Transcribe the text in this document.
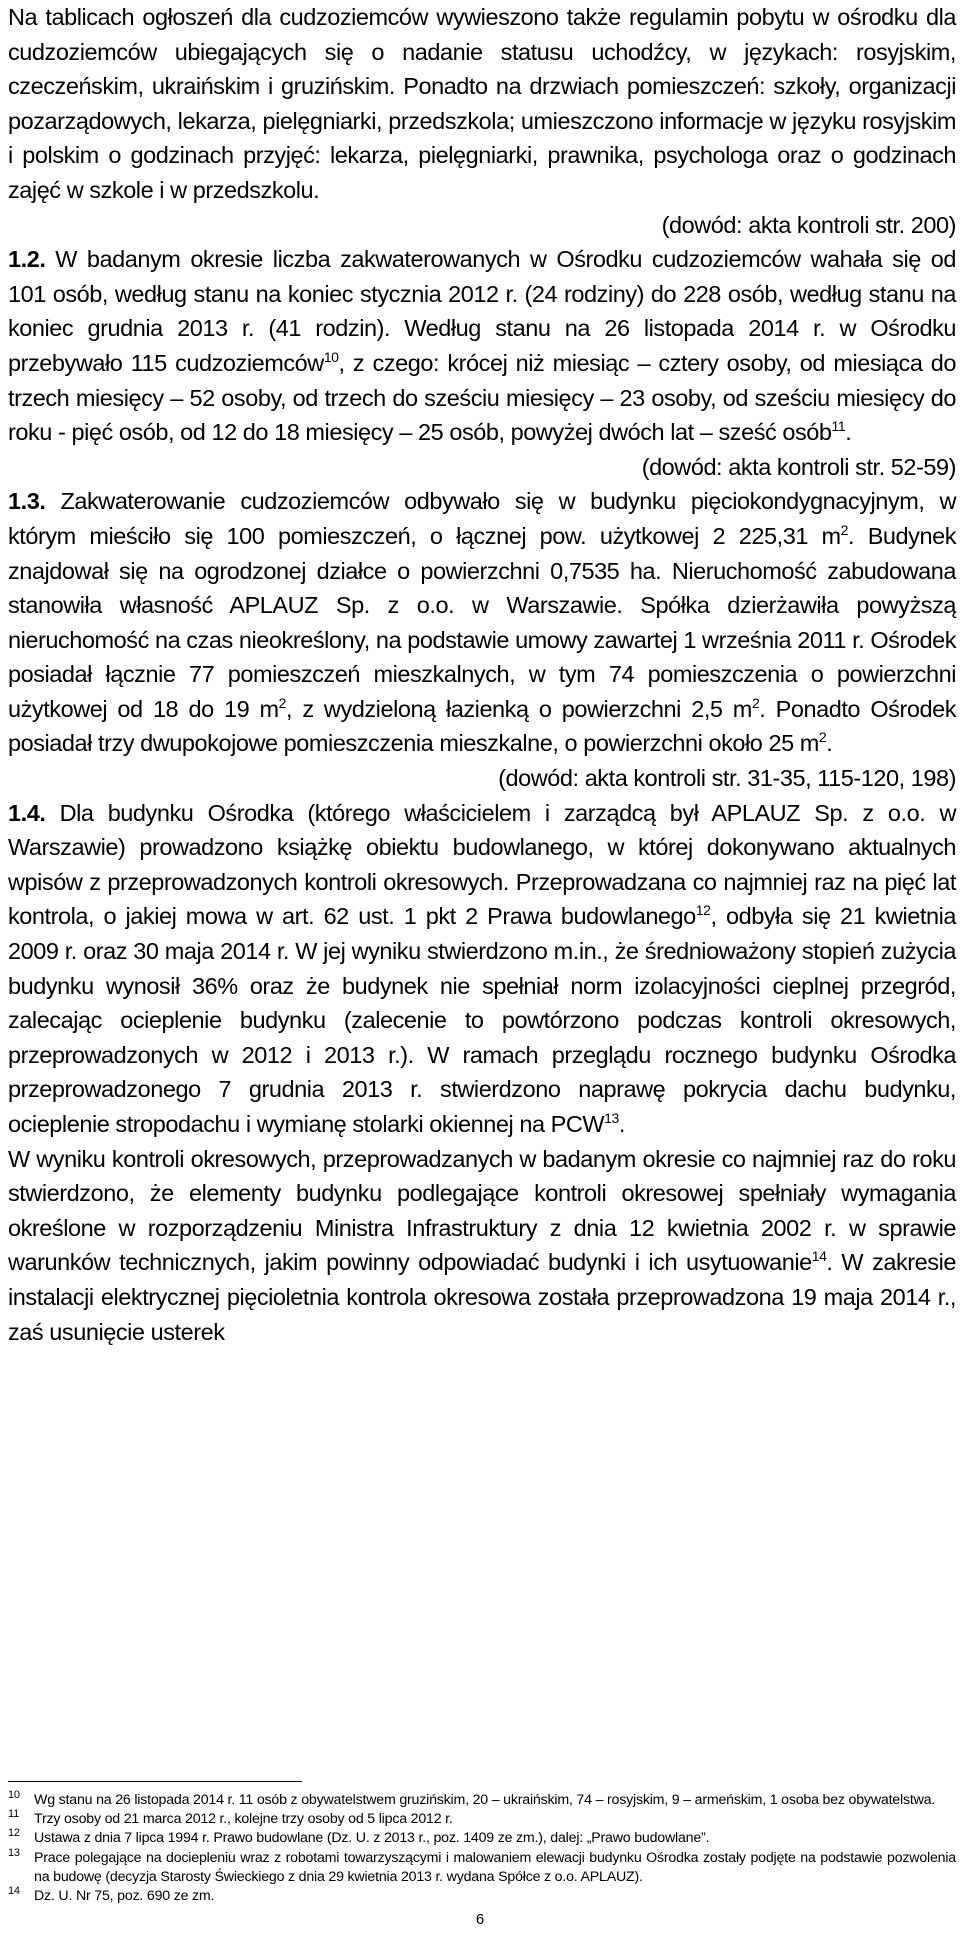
Na tablicach ogłoszeń dla cudzoziemców wywieszono także regulamin pobytu w ośrodku dla cudzoziemców ubiegających się o nadanie statusu uchodźcy, w językach: rosyjskim, czeczeńskim, ukraińskim i gruzińskim. Ponadto na drzwiach pomieszczeń: szkoły, organizacji pozarządowych, lekarza, pielęgniarki, przedszkola; umieszczono informacje w języku rosyjskim i polskim o godzinach przyjęć: lekarza, pielęgniarki, prawnika, psychologa oraz o godzinach zajęć w szkole i w przedszkolu.

(dowód: akta kontroli str. 200)

1.2. W badanym okresie liczba zakwaterowanych w Ośrodku cudzoziemców wahała się od 101 osób, według stanu na koniec stycznia 2012 r. (24 rodziny) do 228 osób, według stanu na koniec grudnia 2013 r. (41 rodzin). Według stanu na 26 listopada 2014 r. w Ośrodku przebywało 115 cudzoziemców$^{10}$, z czego: krócej niż miesiąc – cztery osoby, od miesiąca do trzech miesięcy – 52 osoby, od trzech do sześciu miesięcy – 23 osoby, od sześciu miesięcy do roku - pięć osób, od 12 do 18 miesięcy – 25 osób, powyżej dwóch lat – sześć osób$^{11}$.

(dowód: akta kontroli str. 52-59)

1.3. Zakwaterowanie cudzoziemców odbywało się w budynku pięciokondygnacyjnym, w którym mieściło się 100 pomieszczeń, o łącznej pow. użytkowej 2 225,31 $m^2$. Budynek znajdował się na ogrodzonej działce o powierzchni 0,7535 ha. Nieruchomość zabudowana stanowiła własność APLAUZ Sp. z o.o. w Warszawie. Spółka dzierżawiła powyższą nieruchomość na czas nieokreślony, na podstawie umowy zawartej 1 września 2011 r. Ośrodek posiadał łącznie 77 pomieszczeń mieszkalnych, w tym 74 pomieszczenia o powierzchni użytkowej od 18 do 19 $m^2$, z wydzieloną łazienką o powierzchni 2,5 $m^2$. Ponadto Ośrodek posiadał trzy dwupokojowe pomieszczenia mieszkalne, o powierzchni około 25 $m^2$.

(dowód: akta kontroli str. 31-35, 115-120, 198)

1.4. Dla budynku Ośrodka (którego właścicielem i zarządcą był APLAUZ Sp. z o.o. w Warszawie) prowadzono książkę obiektu budowlanego, w której dokonywano aktualnych wpisów z przeprowadzonych kontroli okresowych. Przeprowadzana co najmniej raz na pięć lat kontrola, o jakiej mowa w art. 62 ust. 1 pkt 2 Prawa budowlanego$^{12}$, odbyła się 21 kwietnia 2009 r. oraz 30 maja 2014 r. W jej wyniku stwierdzono m.in., że średnioważony stopień zużycia budynku wynosił 36% oraz że budynek nie spełniał norm izolacyjności cieplnej przegród, zalecając ocieplenie budynku (zalecenie to powtórzono podczas kontroli okresowych, przeprowadzonych w 2012 i 2013 r.). W ramach przeglądu rocznego budynku Ośrodka przeprowadzonego 7 grudnia 2013 r. stwierdzono naprawę pokrycia dachu budynku, ocieplenie stropodachu i wymianę stolarki okiennej na PCW$^{13}$.

W wyniku kontroli okresowych, przeprowadzanych w badanym okresie co najmniej raz do roku stwierdzono, że elementy budynku podlegające kontroli okresowej spełniały wymagania określone w rozporządzeniu Ministra Infrastruktury z dnia 12 kwietnia 2002 r. w sprawie warunków technicznych, jakim powinny odpowiadać budynki i ich usytuowanie$^{14}$. W zakresie instalacji elektrycznej pięcioletnia kontrola okresowa została przeprowadzona 19 maja 2014 r., zaś usunięcie usterek

10 Wg stanu na 26 listopada 2014 r. 11 osób z obywatelstwem gruzińskim, 20 – ukraińskim, 74 – rosyjskim, 9 – armeńskim, 1 osoba bez obywatelstwa.

11 Trzy osoby od 21 marca 2012 r., kolejne trzy osoby od 5 lipca 2012 r.

12 Ustawa z dnia 7 lipca 1994 r. Prawo budowlane (Dz. U. z 2013 r., poz. 1409 ze zm.), dalej: „Prawo budowlane”.

13 Prace polegające na dociepleniu wraz z robotami towarzyszącymi i malowaniem elewacji budynku Ośrodka zostały podjęte na podstawie pozwolenia na budowę (decyzja Starosty Świeckiego z dnia 29 kwietnia 2013 r. wydana Spółce z o.o. APLAUZ).

14 Dz. U. Nr 75, poz. 690 ze zm.

6
